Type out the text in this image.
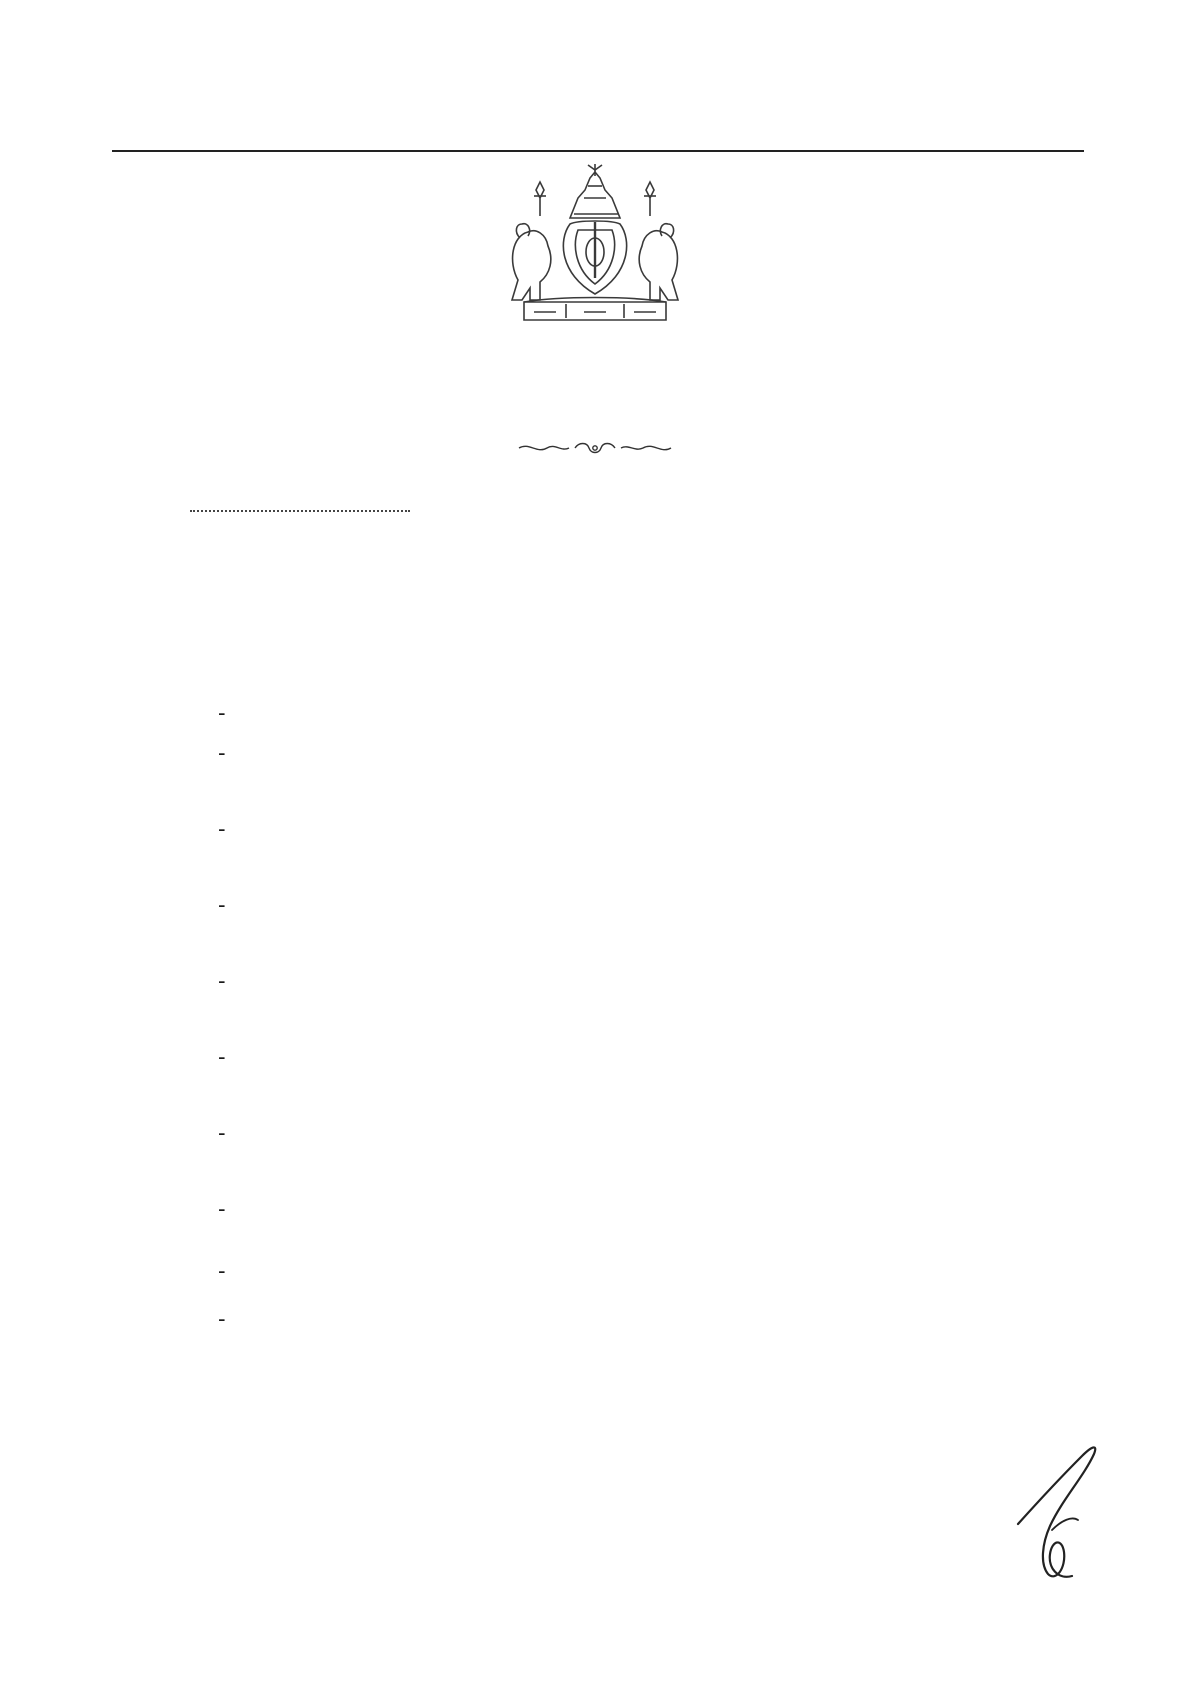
-
-
-
-
-
-
-
-
-
-
